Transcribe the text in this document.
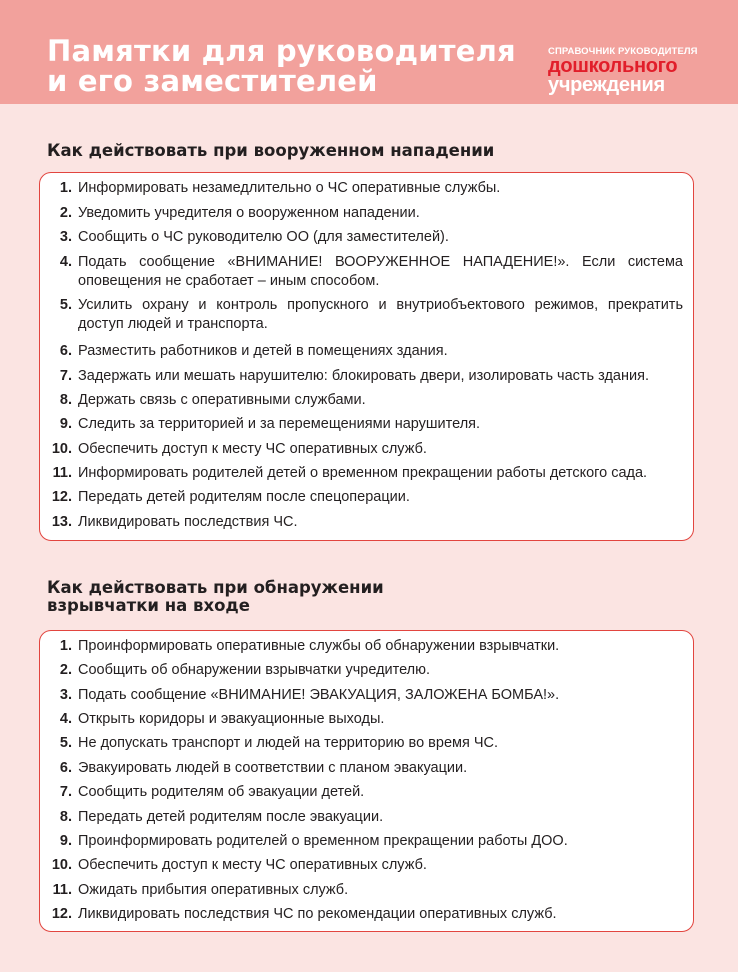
Памятки для руководителя
и его заместителей
СПРАВОЧНИК РУКОВОДИТЕЛЯ
дошкольного
учреждения
Как действовать при вооруженном нападении
1. Информировать незамедлительно о ЧС оперативные службы.
2. Уведомить учредителя о вооруженном нападении.
3. Сообщить о ЧС руководителю ОО (для заместителей).
4. Подать сообщение «ВНИМАНИЕ! ВООРУЖЕННОЕ НАПАДЕНИЕ!». Если система оповещения не сработает – иным способом.
5. Усилить охрану и контроль пропускного и внутриобъектового режимов, прекратить доступ людей и транспорта.
6. Разместить работников и детей в помещениях здания.
7. Задержать или мешать нарушителю: блокировать двери, изолировать часть здания.
8. Держать связь с оперативными службами.
9. Следить за территорией и за перемещениями нарушителя.
10. Обеспечить доступ к месту ЧС оперативных служб.
11. Информировать родителей детей о временном прекращении работы детского сада.
12. Передать детей родителям после спецоперации.
13. Ликвидировать последствия ЧС.
Как действовать при обнаружении
взрывчатки на входе
1. Проинформировать оперативные службы об обнаружении взрывчатки.
2. Сообщить об обнаружении взрывчатки учредителю.
3. Подать сообщение «ВНИМАНИЕ! ЭВАКУАЦИЯ, ЗАЛОЖЕНА БОМБА!».
4. Открыть коридоры и эвакуационные выходы.
5. Не допускать транспорт и людей на территорию во время ЧС.
6. Эвакуировать людей в соответствии с планом эвакуации.
7. Сообщить родителям об эвакуации детей.
8. Передать детей родителям после эвакуации.
9. Проинформировать родителей о временном прекращении работы ДОО.
10. Обеспечить доступ к месту ЧС оперативных служб.
11. Ожидать прибытия оперативных служб.
12. Ликвидировать последствия ЧС по рекомендации оперативных служб.
